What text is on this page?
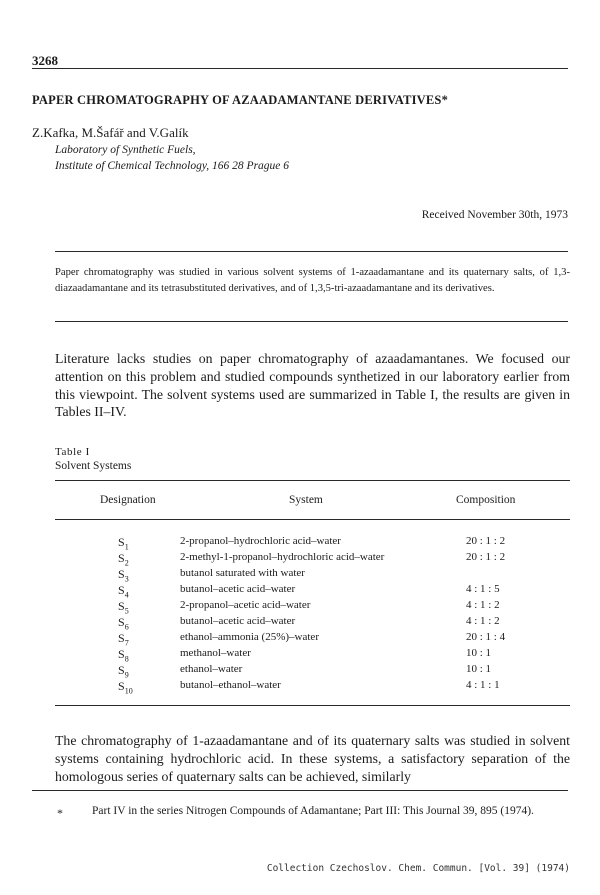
3268
PAPER CHROMATOGRAPHY OF AZAADAMANTANE DERIVATIVES*
Z.Kafka, M.Šafář and V.Galík
Laboratory of Synthetic Fuels,
Institute of Chemical Technology, 166 28 Prague 6
Received November 30th, 1973
Paper chromatography was studied in various solvent systems of 1-azaadamantane and its quaternary salts, of 1,3-diazaadamantane and its tetrasubstituted derivatives, and of 1,3,5-tri-azaadamantane and its derivatives.
Literature lacks studies on paper chromatography of azaadamantanes. We focused our attention on this problem and studied compounds synthetized in our laboratory earlier from this viewpoint. The solvent systems used are summarized in Table I, the results are given in Tables II–IV.
Table I
Solvent Systems
Designation	System	Composition
$S_1$	2-propanol–hydrochloric acid–water	20 : 1 : 2
$S_2$	2-methyl-1-propanol–hydrochloric acid–water	20 : 1 : 2
$S_3$	butanol saturated with water
$S_4$	butanol–acetic acid–water	4 : 1 : 5
$S_5$	2-propanol–acetic acid–water	4 : 1 : 2
$S_6$	butanol–acetic acid–water	4 : 1 : 2
$S_7$	ethanol–ammonia (25%)–water	20 : 1 : 4
$S_8$	methanol–water	10 : 1
$S_9$	ethanol–water	10 : 1
$S_{10}$	butanol–ethanol–water	4 : 1 : 1
The chromatography of 1-azaadamantane and of its quaternary salts was studied in solvent systems containing hydrochloric acid. In these systems, a satisfactory separation of the homologous series of quaternary salts can be achieved, similarly
*	Part IV in the series Nitrogen Compounds of Adamantane; Part III: This Journal 39, 895 (1974).
Collection Czechoslov. Chem. Commun. [Vol. 39] (1974)
